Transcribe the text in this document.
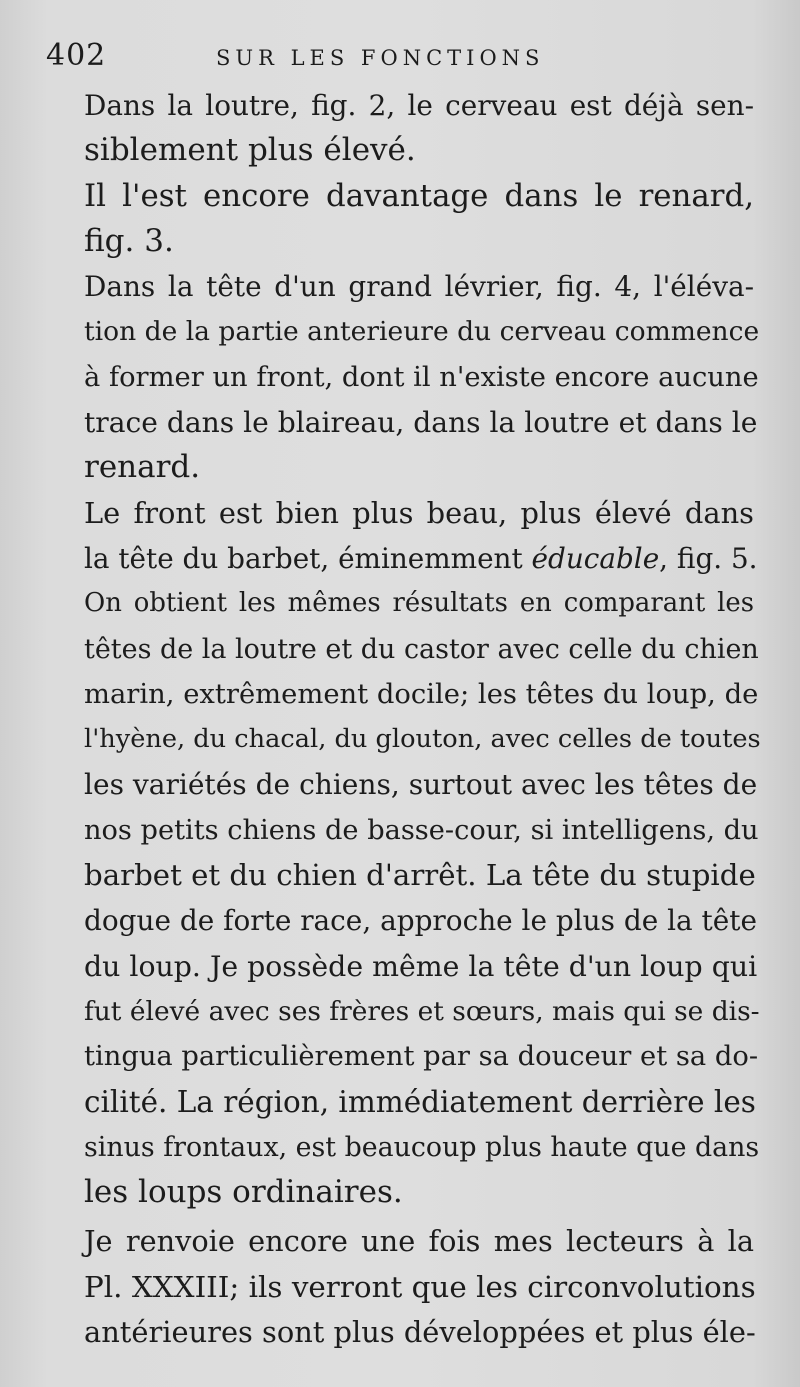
402	SUR LES FONCTIONS

Dans la loutre, fig. 2, le cerveau est déjà sen-
siblement plus élevé.

Il l'est encore davantage dans le renard,
fig. 3.

Dans la tête d'un grand lévrier, fig. 4, l'éléva-
tion de la partie anterieure du cerveau commence
à former un front, dont il n'existe encore aucune
trace dans le blaireau, dans la loutre et dans le
renard.

Le front est bien plus beau, plus élevé dans
la tête du barbet, éminemment éducable, fig. 5.

On obtient les mêmes résultats en comparant les
têtes de la loutre et du castor avec celle du chien
marin, extrêmement docile; les têtes du loup, de
l'hyène, du chacal, du glouton, avec celles de toutes
les variétés de chiens, surtout avec les têtes de
nos petits chiens de basse-cour, si intelligens, du
barbet et du chien d'arrêt. La tête du stupide
dogue de forte race, approche le plus de la tête
du loup. Je possède même la tête d'un loup qui
fut élevé avec ses frères et sœurs, mais qui se dis-
tingua particulièrement par sa douceur et sa do-
cilité. La région, immédiatement derrière les
sinus frontaux, est beaucoup plus haute que dans
les loups ordinaires.

Je renvoie encore une fois mes lecteurs à la
Pl. XXXIII; ils verront que les circonvolutions
antérieures sont plus développées et plus éle-
